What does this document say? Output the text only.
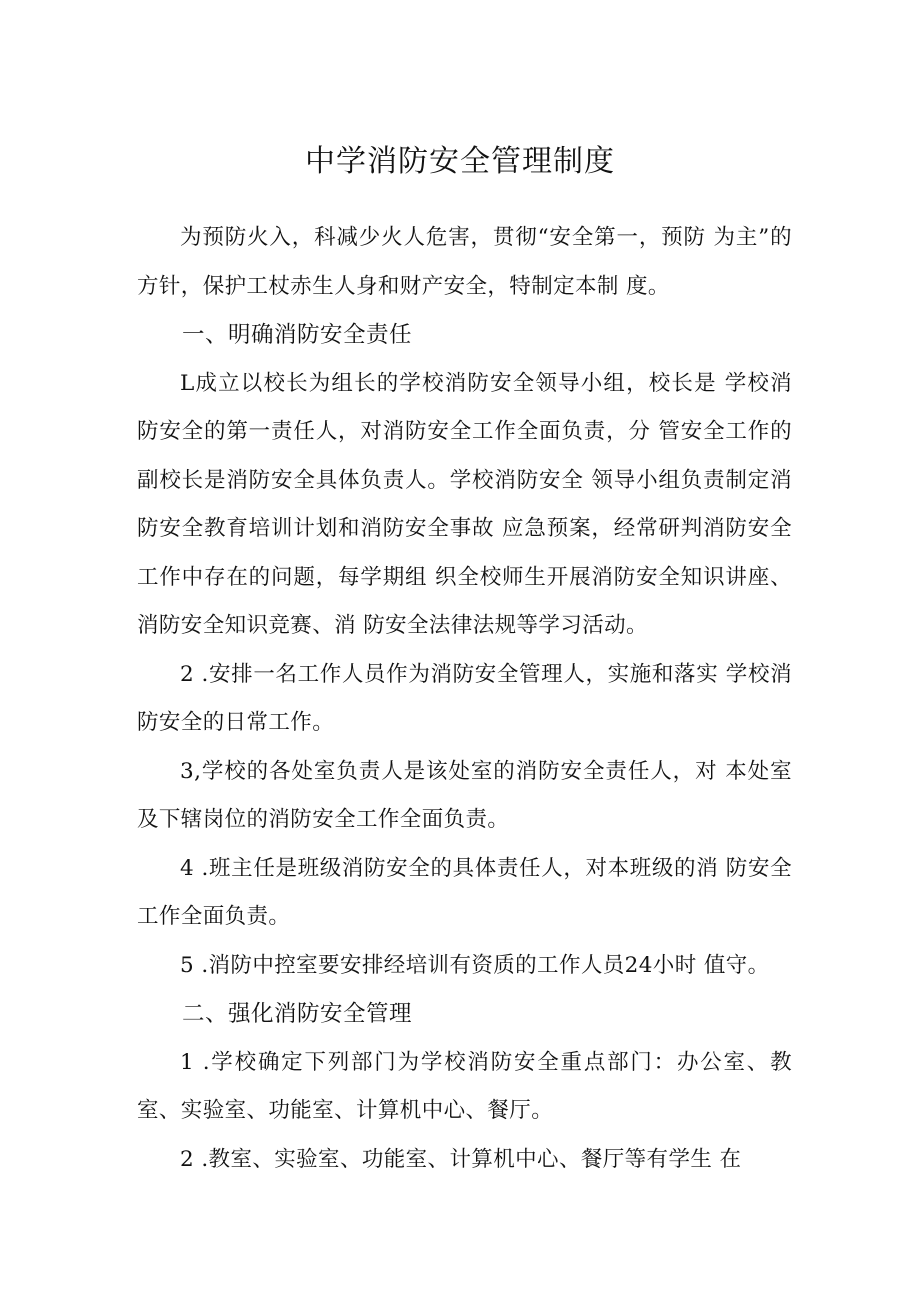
中学消防安全管理制度

为预防火入，科减少火人危害，贯彻“安全第一，预防 为主”的方针，保护工杖赤生人身和财产安全，特制定本制 度。

一、明确消防安全责任

L成立以校长为组长的学校消防安全领导小组，校长是 学校消防安全的第一责任人，对消防安全工作全面负责，分 管安全工作的副校长是消防安全具体负责人。学校消防安全 领导小组负责制定消防安全教育培训计划和消防安全事故 应急预案，经常研判消防安全工作中存在的问题，每学期组 织全校师生开展消防安全知识讲座、消防安全知识竞赛、消 防安全法律法规等学习活动。

2 .安排一名工作人员作为消防安全管理人，实施和落实 学校消防安全的日常工作。

3,学校的各处室负责人是该处室的消防安全责任人，对 本处室及下辖岗位的消防安全工作全面负责。

4 .班主任是班级消防安全的具体责任人，对本班级的消 防安全工作全面负责。

5 .消防中控室要安排经培训有资质的工作人员24小时 值守。

二、强化消防安全管理

1 .学校确定下列部门为学校消防安全重点部门：办公室、教室、实验室、功能室、计算机中心、餐厅。

2 .教室、实验室、功能室、计算机中心、餐厅等有学生 在
